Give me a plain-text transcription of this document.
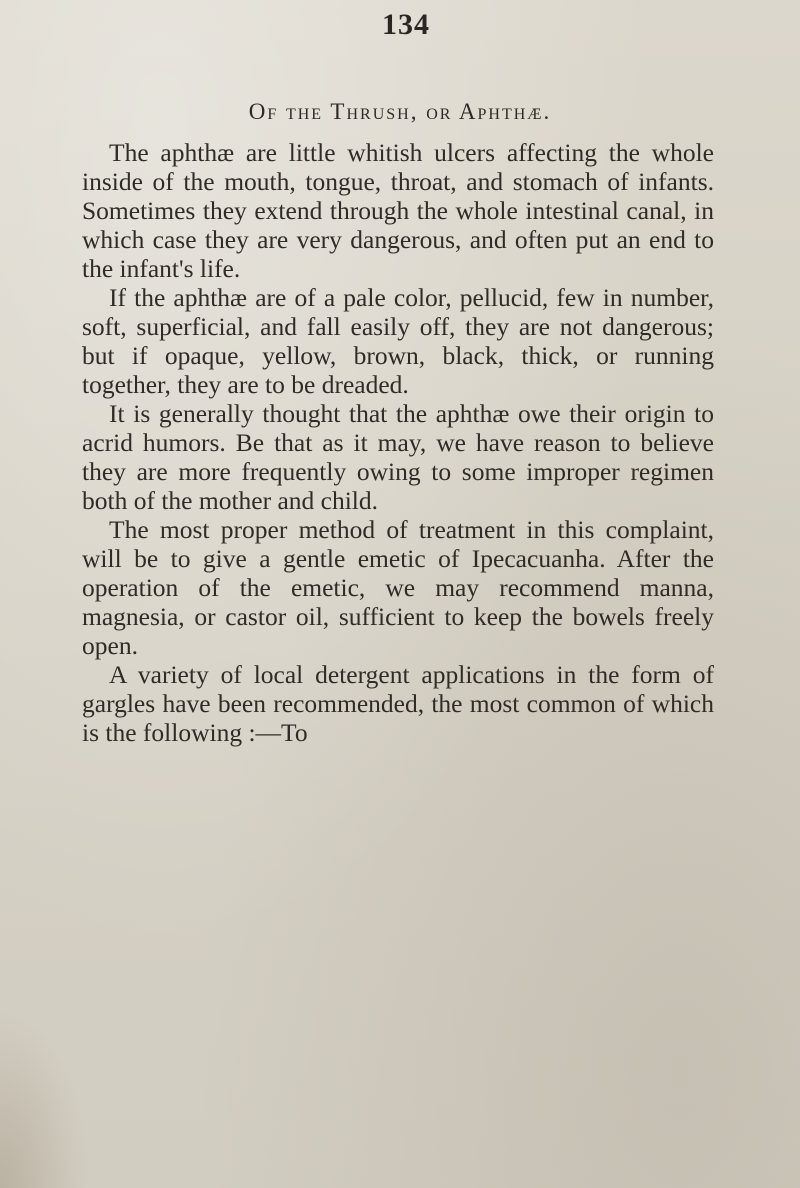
134
Of the Thrush, or Aphthæ.

The aphthæ are little whitish ulcers affecting the whole inside of the mouth, tongue, throat, and stomach of infants. Sometimes they extend through the whole intestinal canal, in which case they are very dangerous, and often put an end to the infant's life.

If the aphthæ are of a pale color, pellucid, few in number, soft, superficial, and fall easily off, they are not dangerous; but if opaque, yellow, brown, black, thick, or running together, they are to be dreaded.

It is generally thought that the aphthæ owe their origin to acrid humors. Be that as it may, we have reason to believe they are more frequently owing to some improper regimen both of the mother and child.

The most proper method of treatment in this complaint, will be to give a gentle emetic of Ipecacuanha. After the operation of the emetic, we may recommend manna, magnesia, or castor oil, sufficient to keep the bowels freely open.

A variety of local detergent applications in the form of gargles have been recommended, the most common of which is the following :—To
